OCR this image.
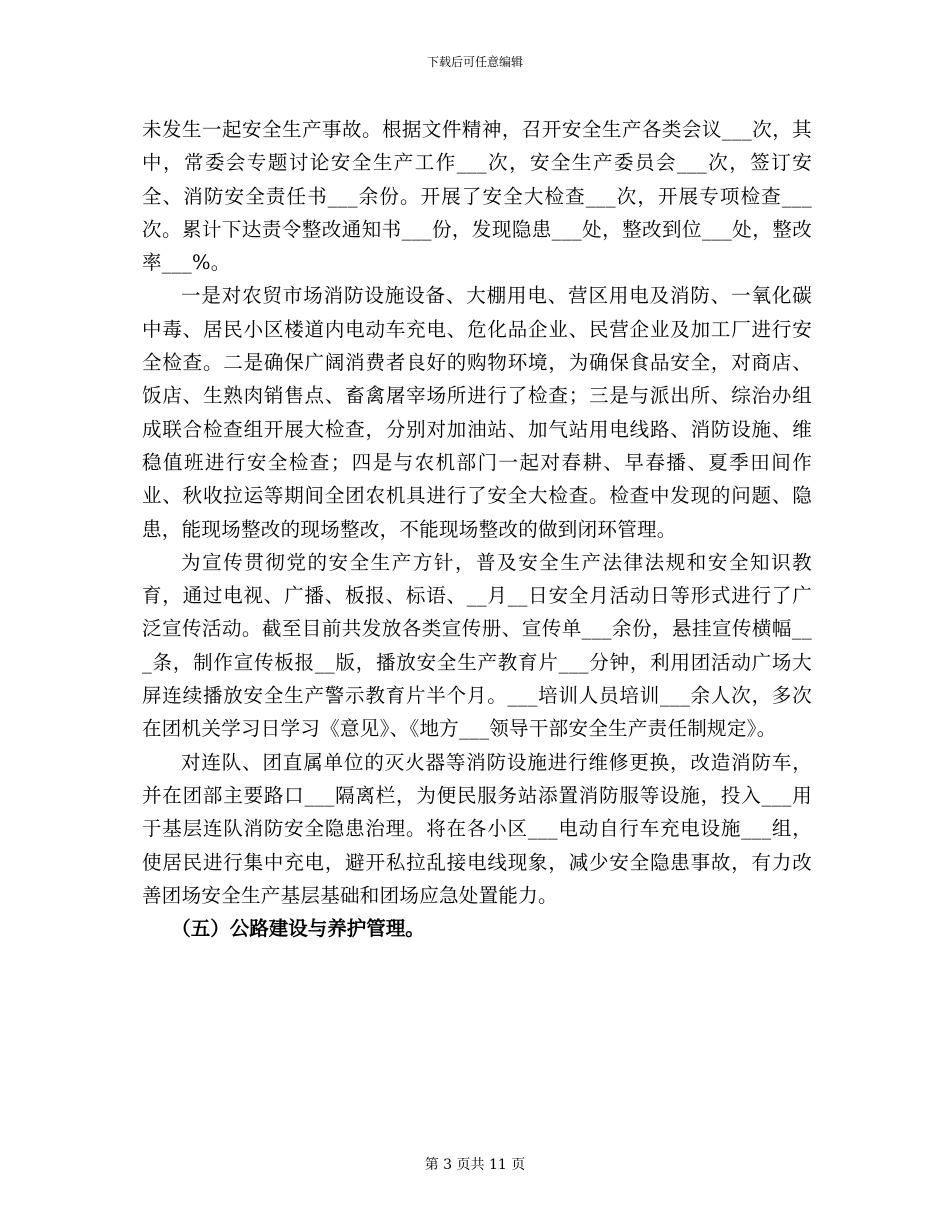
下载后可任意编辑

未发生一起安全生产事故。根据文件精神，召开安全生产各类会议___次，其中，常委会专题讨论安全生产工作___次，安全生产委员会___次，签订安全、消防安全责任书___余份。开展了安全大检查___次，开展专项检查___次。累计下达责令整改通知书___份，发现隐患___处，整改到位___处，整改率___%。

一是对农贸市场消防设施设备、大棚用电、营区用电及消防、一氧化碳中毒、居民小区楼道内电动车充电、危化品企业、民营企业及加工厂进行安全检查。二是确保广阔消费者良好的购物环境，为确保食品安全，对商店、饭店、生熟肉销售点、畜禽屠宰场所进行了检查；三是与派出所、综治办组成联合检查组开展大检查，分别对加油站、加气站用电线路、消防设施、维稳值班进行安全检查；四是与农机部门一起对春耕、早春播、夏季田间作业、秋收拉运等期间全团农机具进行了安全大检查。检查中发现的问题、隐患，能现场整改的现场整改，不能现场整改的做到闭环管理。

为宣传贯彻党的安全生产方针，普及安全生产法律法规和安全知识教育，通过电视、广播、板报、标语、__月__日安全月活动日等形式进行了广泛宣传活动。截至目前共发放各类宣传册、宣传单___余份，悬挂宣传横幅___条，制作宣传板报__版，播放安全生产教育片___分钟，利用团活动广场大屏连续播放安全生产警示教育片半个月。___培训人员培训___余人次，多次在团机关学习日学习《意见》、《地方___领导干部安全生产责任制规定》。

对连队、团直属单位的灭火器等消防设施进行维修更换，改造消防车，并在团部主要路口___隔离栏，为便民服务站添置消防服等设施，投入___用于基层连队消防安全隐患治理。将在各小区___电动自行车充电设施___组，使居民进行集中充电，避开私拉乱接电线现象，减少安全隐患事故，有力改善团场安全生产基层基础和团场应急处置能力。

（五）公路建设与养护管理。

第 3 页共 11 页
